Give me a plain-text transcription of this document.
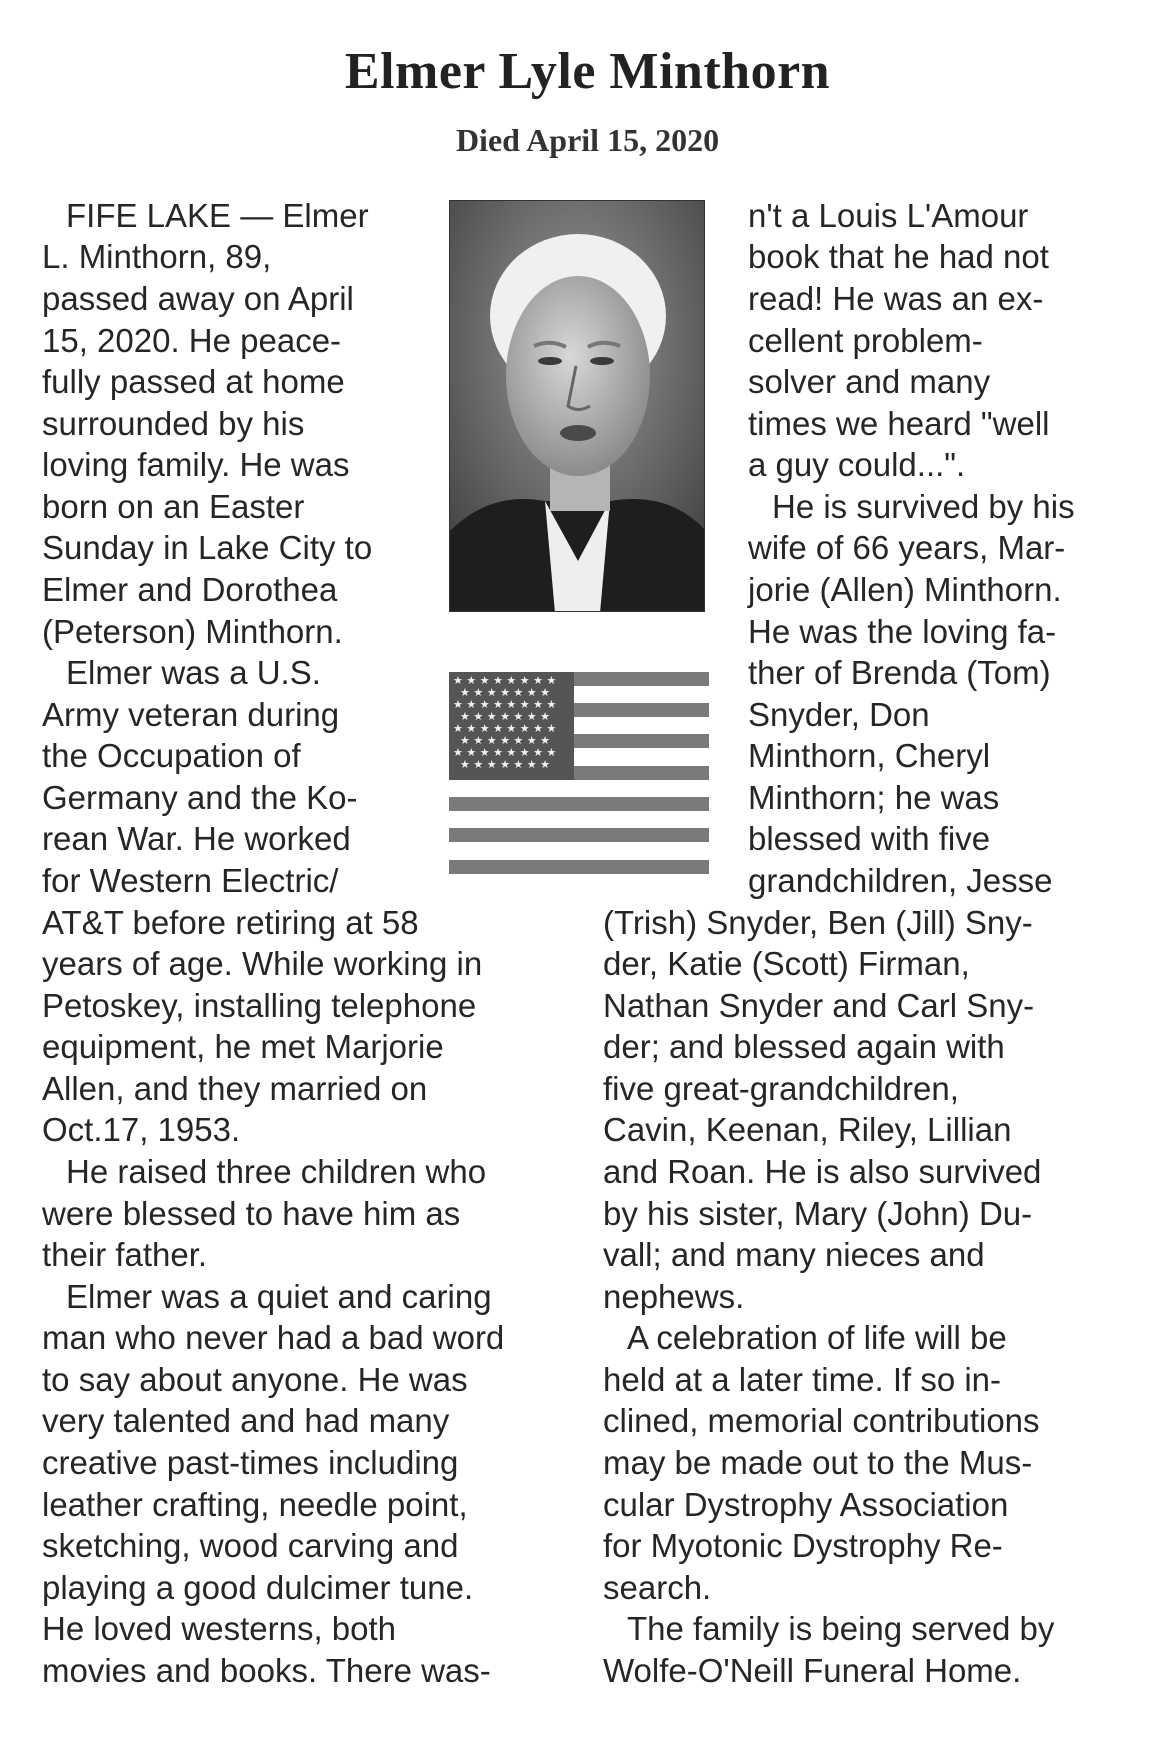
Elmer Lyle Minthorn
Died April 15, 2020
★ ★ ★ ★ ★ ★ ★ ★
★ ★ ★ ★ ★ ★ ★
★ ★ ★ ★ ★ ★ ★ ★
★ ★ ★ ★ ★ ★ ★
★ ★ ★ ★ ★ ★ ★ ★
★ ★ ★ ★ ★ ★ ★
★ ★ ★ ★ ★ ★ ★ ★
★ ★ ★ ★ ★ ★ ★
FIFE LAKE — Elmer
L. Minthorn, 89,
passed away on April
15, 2020. He peace-
fully passed at home
surrounded by his
loving family. He was
born on an Easter
Sunday in Lake City to
Elmer and Dorothea
(Peterson) Minthorn.
Elmer was a U.S.
Army veteran during
the Occupation of
Germany and the Ko-
rean War. He worked
for Western Electric/
AT&T before retiring at 58
years of age. While working in
Petoskey, installing telephone
equipment, he met Marjorie
Allen, and they married on
Oct.17, 1953.
He raised three children who
were blessed to have him as
their father.
Elmer was a quiet and caring
man who never had a bad word
to say about anyone. He was
very talented and had many
creative past-times including
leather crafting, needle point,
sketching, wood carving and
playing a good dulcimer tune.
He loved westerns, both
movies and books. There was-
n't a Louis L'Amour
book that he had not
read! He was an ex-
cellent problem-
solver and many
times we heard "well
a guy could...".
He is survived by his
wife of 66 years, Mar-
jorie (Allen) Minthorn.
He was the loving fa-
ther of Brenda (Tom)
Snyder, Don
Minthorn, Cheryl
Minthorn; he was
blessed with five
grandchildren, Jesse
(Trish) Snyder, Ben (Jill) Sny-
der, Katie (Scott) Firman,
Nathan Snyder and Carl Sny-
der; and blessed again with
five great-grandchildren,
Cavin, Keenan, Riley, Lillian
and Roan. He is also survived
by his sister, Mary (John) Du-
vall; and many nieces and
nephews.
A celebration of life will be
held at a later time. If so in-
clined, memorial contributions
may be made out to the Mus-
cular Dystrophy Association
for Myotonic Dystrophy Re-
search.
The family is being served by
Wolfe-O'Neill Funeral Home.
